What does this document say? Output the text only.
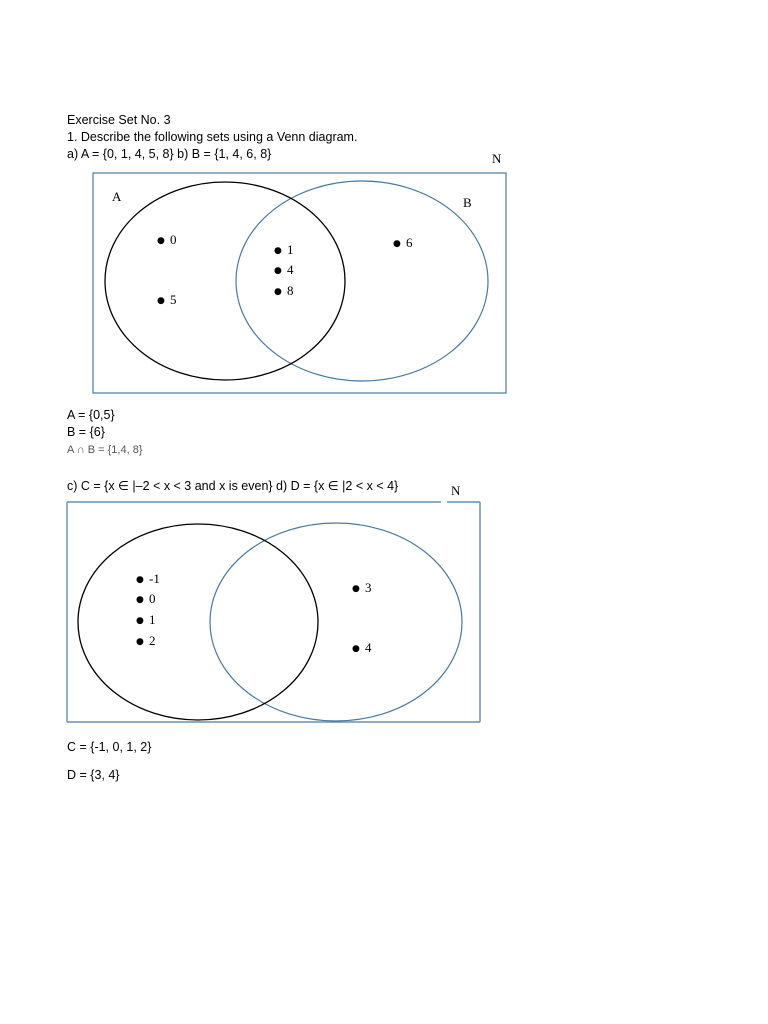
Exercise Set No. 3
1. Describe the following sets using a Venn diagram.
a) A = {0, 1, 4, 5, 8} b) B = {1, 4, 6, 8}	N
A	B
● 0
● 5
● 1
● 4
● 8
● 6
N
● -1
● 0
● 1
● 2
● 3
● 4
A = {0,5}
B = {6}
A ∩ B = {1,4, 8}
c) C = {x ∈ |–2 < x < 3 and x is even} d) D = {x ∈ |2 < x < 4}
C = {-1, 0, 1, 2}
D = {3, 4}
